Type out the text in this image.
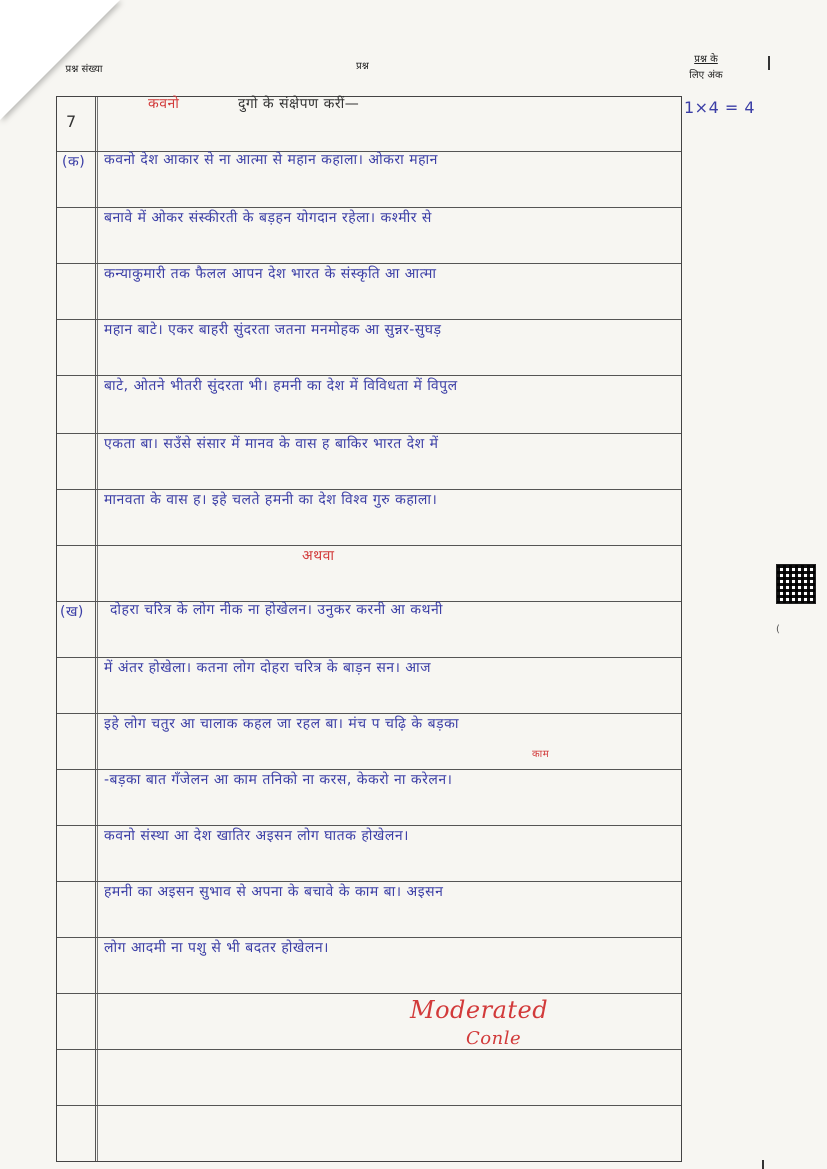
प्रश्न संख्या	प्रश्न
प्रश्न के
लिए अंक
7
कवनो	दुगो के संक्षेपण करीं—	1×4 = 4
(क) कवनो देश आकार से ना आत्मा से महान कहाला। ओकरा महान
बनावे में ओकर संस्कीरती के बड़हन योगदान रहेला। कश्मीर से
कन्याकुमारी तक फैलल आपन देश भारत के संस्कृति आ आत्मा
महान बाटे। एकर बाहरी सुंदरता जतना मनमोहक आ सुन्नर-सुघड़
बाटे, ओतने भीतरी सुंदरता भी। हमनी का देश में विविधता में विपुल
एकता बा। सउँसे संसार में मानव के वास ह बाकिर भारत देश में
मानवता के वास ह। इहे चलते हमनी का देश विश्व गुरु कहाला।
अथवा
(ख) दोहरा चरित्र के लोग नीक ना होखेलन। उनुकर करनी आ कथनी
में अंतर होखेला। कतना लोग दोहरा चरित्र के बाड़न सन। आज
इहे लोग चतुर आ चालाक कहल जा रहल बा। मंच प चढ़ि के बड़का
काम
-बड़का बात गँजेलन आ काम तनिको ना करस, केकरो ना करेलन।
कवनो संस्था आ देश खातिर अइसन लोग घातक होखेलन।
हमनी का अइसन सुभाव से अपना के बचावे के काम बा। अइसन
लोग आदमी ना पशु से भी बदतर होखेलन।
Moderated
Conle
(
